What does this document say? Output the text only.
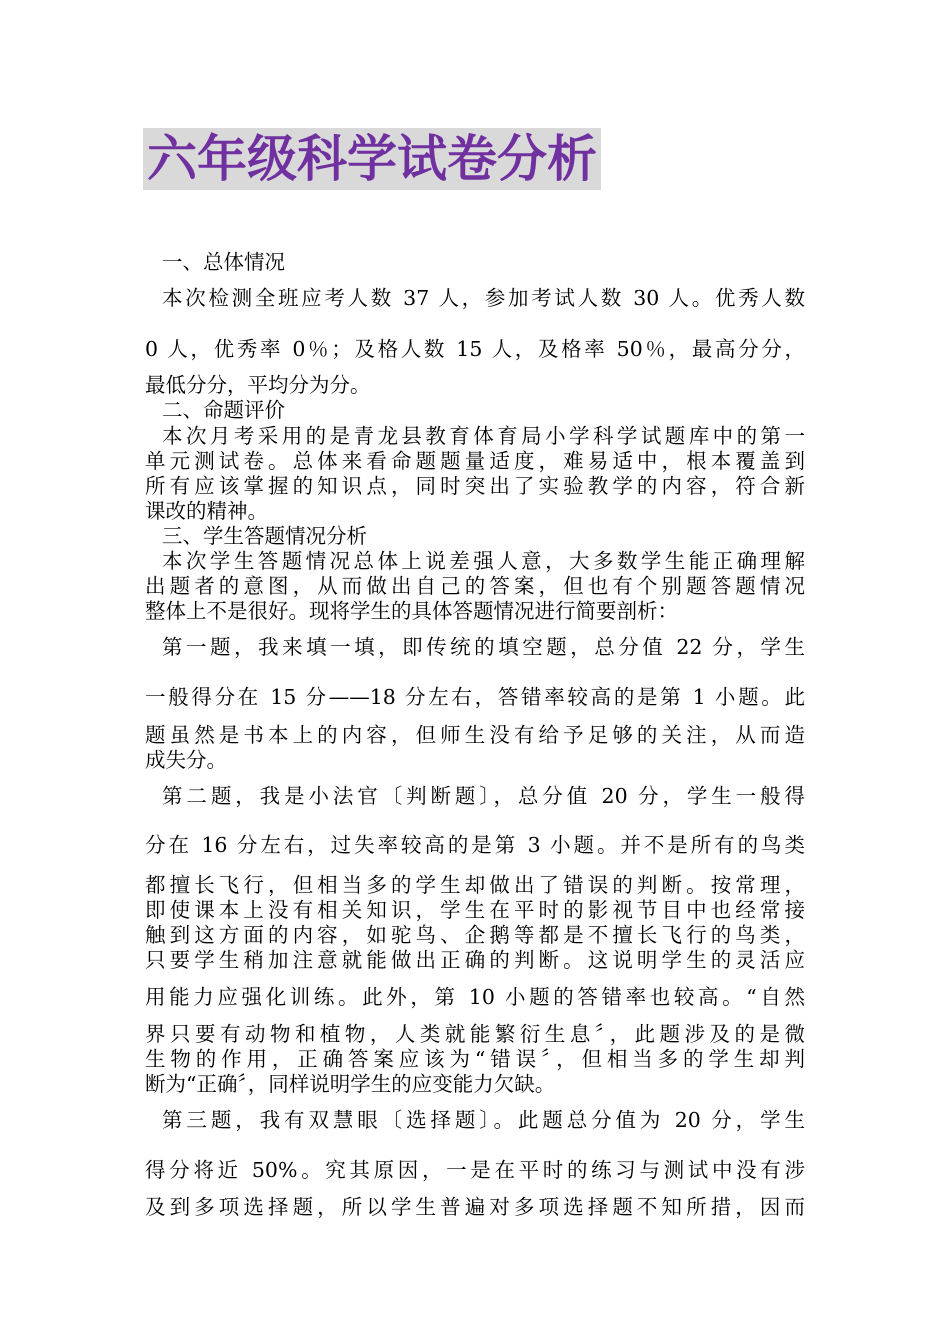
六年级科学试卷分析
一、总体情况
本次检测全班应考人数 37 人，参加考试人数 30 人。优秀人数
0 人，优秀率 0％；及格人数 15 人，及格率 50％，最高分分，
最低分分，平均分为分。
二、命题评价
本次月考采用的是青龙县教育体育局小学科学试题库中的第一
单元测试卷。总体来看命题题量适度，难易适中，根本覆盖到
所有应该掌握的知识点，同时突出了实验教学的内容，符合新
课改的精神。
三、学生答题情况分析
本次学生答题情况总体上说差强人意，大多数学生能正确理解
出题者的意图，从而做出自己的答案，但也有个别题答题情况
整体上不是很好。现将学生的具体答题情况进行简要剖析：
第一题，我来填一填，即传统的填空题，总分值 22 分，学生
一般得分在 15 分——18 分左右，答错率较高的是第 1 小题。此
题虽然是书本上的内容，但师生没有给予足够的关注，从而造
成失分。
第二题，我是小法官〔判断题〕，总分值 20 分，学生一般得
分在 16 分左右，过失率较高的是第 3 小题。并不是所有的鸟类
都擅长飞行，但相当多的学生却做出了错误的判断。按常理，
即使课本上没有相关知识，学生在平时的影视节目中也经常接
触到这方面的内容，如驼鸟、企鹅等都是不擅长飞行的鸟类，
只要学生稍加注意就能做出正确的判断。这说明学生的灵活应
用能力应强化训练。此外，第 10 小题的答错率也较高。“自然
界只要有动物和植物，人类就能繁衍生息〞，此题涉及的是微
生物的作用，正确答案应该为“错误〞，但相当多的学生却判
断为“正确〞，同样说明学生的应变能力欠缺。
第三题，我有双慧眼〔选择题〕。此题总分值为 20 分，学生
得分将近 50%。究其原因，一是在平时的练习与测试中没有涉
及到多项选择题，所以学生普遍对多项选择题不知所措，因而
